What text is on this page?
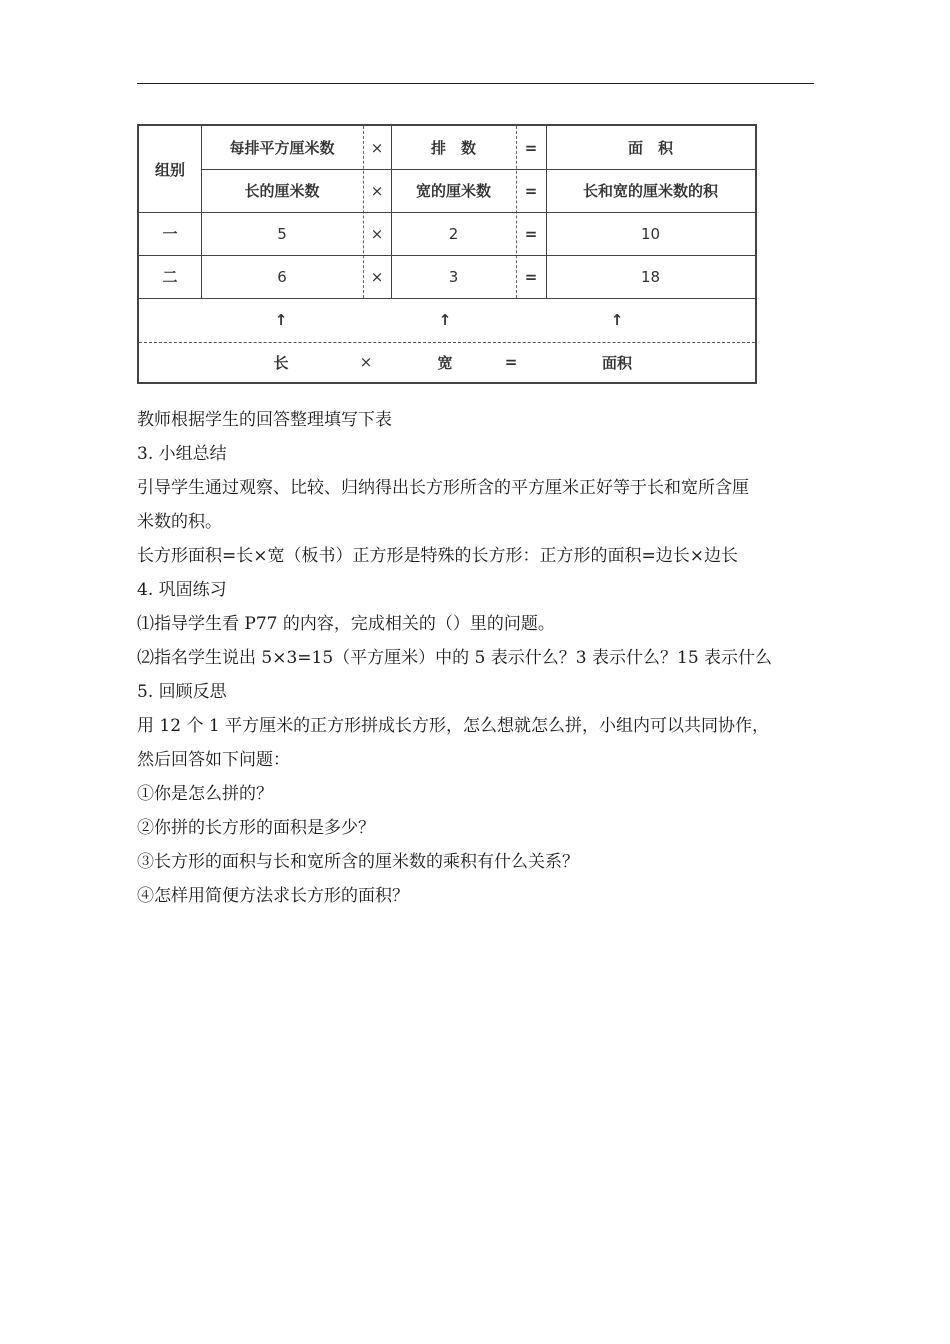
组别
每排平方厘米数	×	排　数	=	面　积
长的厘米数	×	宽的厘米数	=	长和宽的厘米数的积
一	5	×	2	=	10
二	6	×	3	=	18
↑	↑	↑
长	×	宽	=	面积

教师根据学生的回答整理填写下表

3. 小组总结

引导学生通过观察、比较、归纳得出长方形所含的平方厘米正好等于长和宽所含厘

米数的积。

长方形面积=长×宽（板书）正方形是特殊的长方形：正方形的面积=边长×边长

4. 巩固练习

⑴指导学生看 P77 的内容，完成相关的（）里的问题。

⑵指名学生说出 5×3=15（平方厘米）中的 5 表示什么？3 表示什么？15 表示什么

5. 回顾反思

用 12 个 1 平方厘米的正方形拼成长方形，怎么想就怎么拼，小组内可以共同协作，

然后回答如下问题：

①你是怎么拼的？

②你拼的长方形的面积是多少？

③长方形的面积与长和宽所含的厘米数的乘积有什么关系？

④怎样用简便方法求长方形的面积？
